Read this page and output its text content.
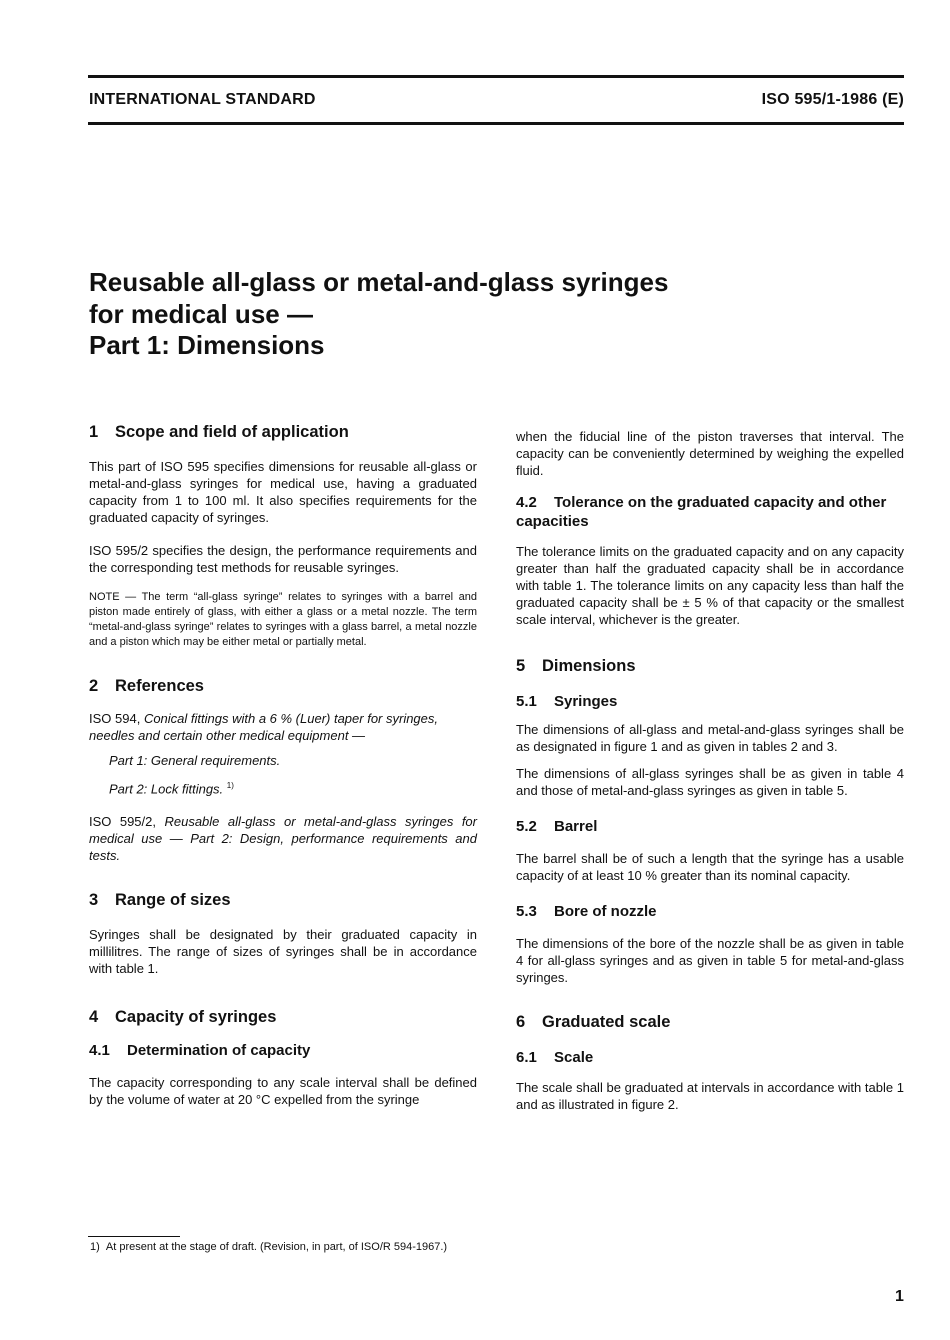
INTERNATIONAL STANDARD	ISO 595/1-1986 (E)
Reusable all-glass or metal-and-glass syringes
for medical use —
Part 1: Dimensions
1 Scope and field of application

This part of ISO 595 specifies dimensions for reusable all-glass or metal-and-glass syringes for medical use, having a graduated capacity from 1 to 100 ml. It also specifies requirements for the graduated capacity of syringes.

ISO 595/2 specifies the design, the performance requirements and the corresponding test methods for reusable syringes.

NOTE — The term “all-glass syringe” relates to syringes with a barrel and piston made entirely of glass, with either a glass or a metal nozzle. The term “metal-and-glass syringe” relates to syringes with a glass barrel, a metal nozzle and a piston which may be either metal or partially metal.

2 References

ISO 594, Conical fittings with a 6 % (Luer) taper for syringes, needles and certain other medical equipment —

Part 1: General requirements.

Part 2: Lock fittings. $^{1)}$

ISO 595/2, Reusable all-glass or metal-and-glass syringes for medical use — Part 2: Design, performance requirements and tests.

3 Range of sizes

Syringes shall be designated by their graduated capacity in millilitres. The range of sizes of syringes shall be in accordance with table 1.

4 Capacity of syringes
4.1 Determination of capacity

The capacity corresponding to any scale interval shall be defined by the volume of water at 20 °C expelled from the syringe

when the fiducial line of the piston traverses that interval. The capacity can be conveniently determined by weighing the expelled fluid.

4.2 Tolerance on the graduated capacity and other capacities

The tolerance limits on the graduated capacity and on any capacity greater than half the graduated capacity shall be in accordance with table 1. The tolerance limits on any capacity less than half the graduated capacity shall be ± 5 % of that capacity or the smallest scale interval, whichever is the greater.

5 Dimensions
5.1 Syringes

The dimensions of all-glass and metal-and-glass syringes shall be as designated in figure 1 and as given in tables 2 and 3.

The dimensions of all-glass syringes shall be as given in table 4 and those of metal-and-glass syringes as given in table 5.

5.2 Barrel

The barrel shall be of such a length that the syringe has a usable capacity of at least 10 % greater than its nominal capacity.

5.3 Bore of nozzle

The dimensions of the bore of the nozzle shall be as given in table 4 for all-glass syringes and as given in table 5 for metal-and-glass syringes.

6 Graduated scale
6.1 Scale

The scale shall be graduated at intervals in accordance with table 1 and as illustrated in figure 2.

1) At present at the stage of draft. (Revision, in part, of ISO/R 594-1967.)
1
